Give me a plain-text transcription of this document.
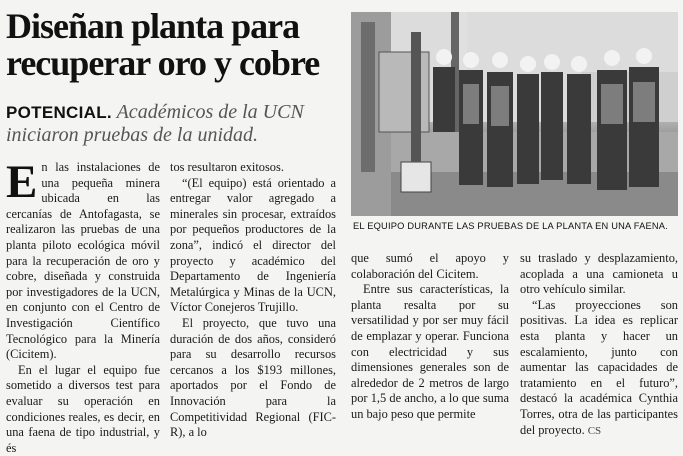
Diseñan planta para recuperar oro y cobre
POTENCIAL. Académicos de la UCN iniciaron pruebas de la unidad.
EL EQUIPO DURANTE LAS PRUEBAS DE LA PLANTA EN UNA FAENA.

En las instalaciones de una pequeña minera ubicada en las cercanías de Antofagasta, se realizaron las pruebas de una planta piloto ecológica móvil para la recuperación de oro y cobre, diseñada y construida por investigadores de la UCN, en conjunto con el Centro de Investigación Científico Tecnológico para la Minería (Cicitem).

En el lugar el equipo fue sometido a diversos test para evaluar su operación en condiciones reales, es decir, en una faena de tipo industrial, y és

tos resultaron exitosos.

“(El equipo) está orientado a entregar valor agregado a minerales sin procesar, extraídos por pequeños productores de la zona”, indicó el director del proyecto y académico del Departamento de Ingeniería Metalúrgica y Minas de la UCN, Víctor Conejeros Trujillo.

El proyecto, que tuvo una duración de dos años, consideró para su desarrollo recursos cercanos a los $193 millones, aportados por el Fondo de Innovación para la Competitividad Regional (FIC-R), a lo

que sumó el apoyo y colaboración del Cicitem.

Entre sus características, la planta resalta por su versatilidad y por ser muy fácil de emplazar y operar. Funciona con electricidad y sus dimensiones generales son de alrededor de 2 metros de largo por 1,5 de ancho, a lo que suma un bajo peso que permite

su traslado y desplazamiento, acoplada a una camioneta u otro vehículo similar.

“Las proyecciones son positivas. La idea es replicar esta planta y hacer un escalamiento, junto con aumentar las capacidades de tratamiento en el futuro”, destacó la académica Cynthia Torres, otra de las participantes del proyecto. CS
